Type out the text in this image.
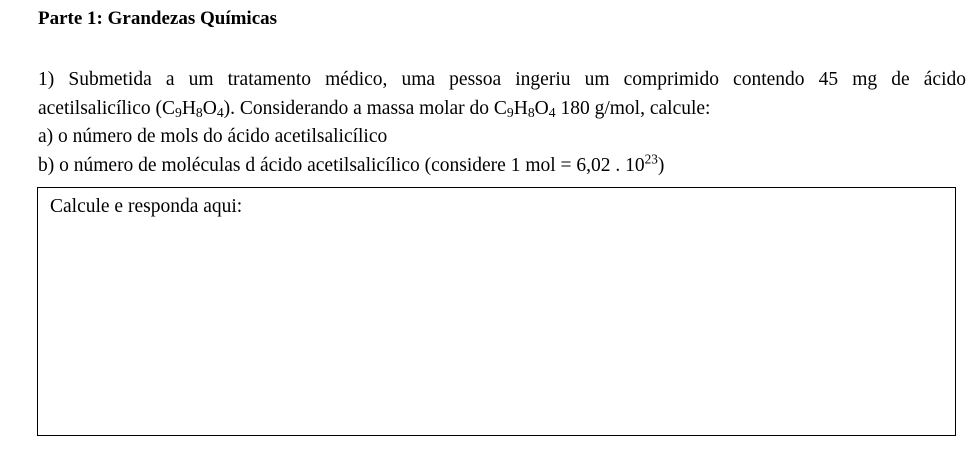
Parte 1: Grandezas Químicas
1) Submetida a um tratamento médico, uma pessoa ingeriu um comprimido contendo 45 mg de ácido
acetilsalicílico $(C_9H_8O_4)$. Considerando a massa molar do $C_9H_8O_4$ 180 g/mol, calcule:
a) o número de mols do ácido acetilsalicílico
b) o número de moléculas d ácido acetilsalicílico (considere 1 mol = 6,02 . $10^{23}$)
Calcule e responda aqui:
